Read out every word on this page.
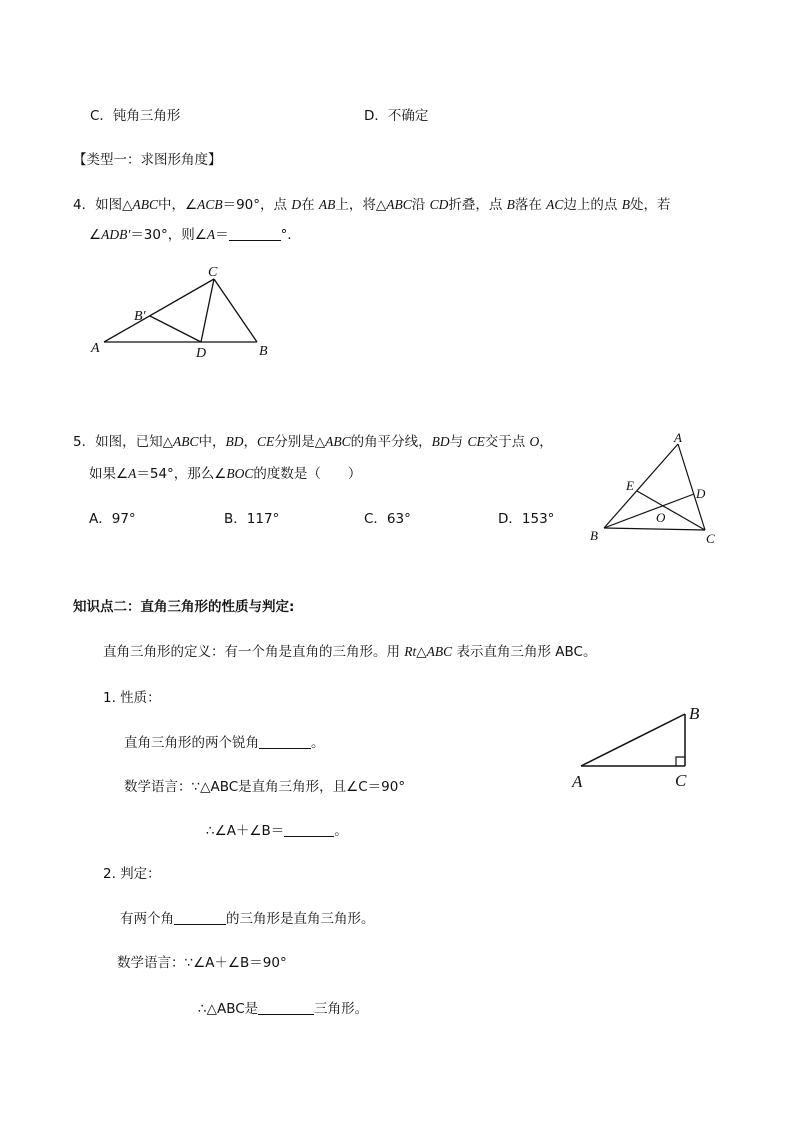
C．钝角三角形	D．不确定
【类型一：求图形角度】
4．如图△ABC中，∠ACB＝90°，点 D在 AB上，将△ABC沿 CD折叠，点 B落在 AC边上的点 B处，若
∠ADB′＝30°，则∠A＝	°．
C
A	D	B
B′
5．如图，已知△ABC中，BD，CE分别是△ABC的角平分线，BD与 CE交于点 O，
如果∠A＝54°，那么∠BOC的度数是（　　）
A．97°	B．117°	C．63°	D．153°
A
E
D
O
B	C
知识点二：直角三角形的性质与判定:
直角三角形的定义：有一个角是直角的三角形。用 Rt△ABC 表示直角三角形 ABC。
1. 性质：
直角三角形的两个锐角	。
数学语言：∵△ABC是直角三角形，且∠C＝90°
∴∠A＋∠B＝	。
A	C
B
2. 判定：
有两个角	的三角形是直角三角形。
数学语言：∵∠A＋∠B＝90°
∴△ABC是	三角形。
